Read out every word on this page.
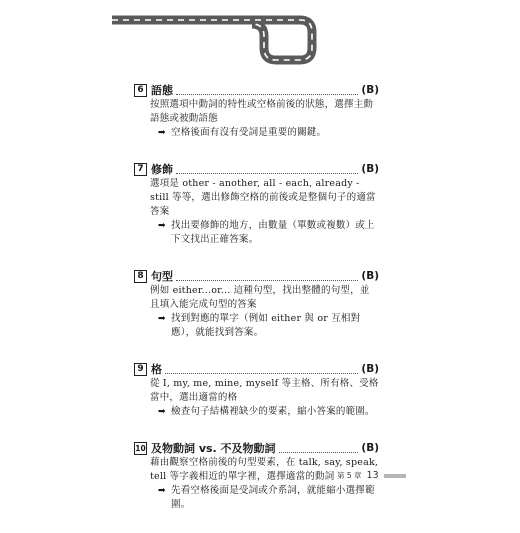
6 語態	(B)
按照選項中動詞的特性或空格前後的狀態，選擇主動語態或被動語態
➡ 空格後面有沒有受詞是重要的關鍵。
7 修飾	(B)
選項是 other - another, all - each, already - still 等等，選出修飾空格的前後或是整個句子的適當答案
➡ 找出要修飾的地方，由數量（單數或複數）或上下文找出正確答案。
8 句型	(B)
例如 either...or... 這種句型，找出整體的句型，並且填入能完成句型的答案
➡ 找到對應的單字（例如 either 與 or 互相對應），就能找到答案。
9 格	(B)
從 I, my, me, mine, myself 等主格、所有格、受格當中，選出適當的格
➡ 檢查句子結構裡缺少的要素，縮小答案的範圍。
10 及物動詞 vs. 不及物動詞	(B)
藉由觀察空格前後的句型要素，在 talk, say, speak, tell 等字義相近的單字裡，選擇適當的動詞
➡ 先看空格後面是受詞或介系詞，就能縮小選擇範圍。
第 5 章 13
